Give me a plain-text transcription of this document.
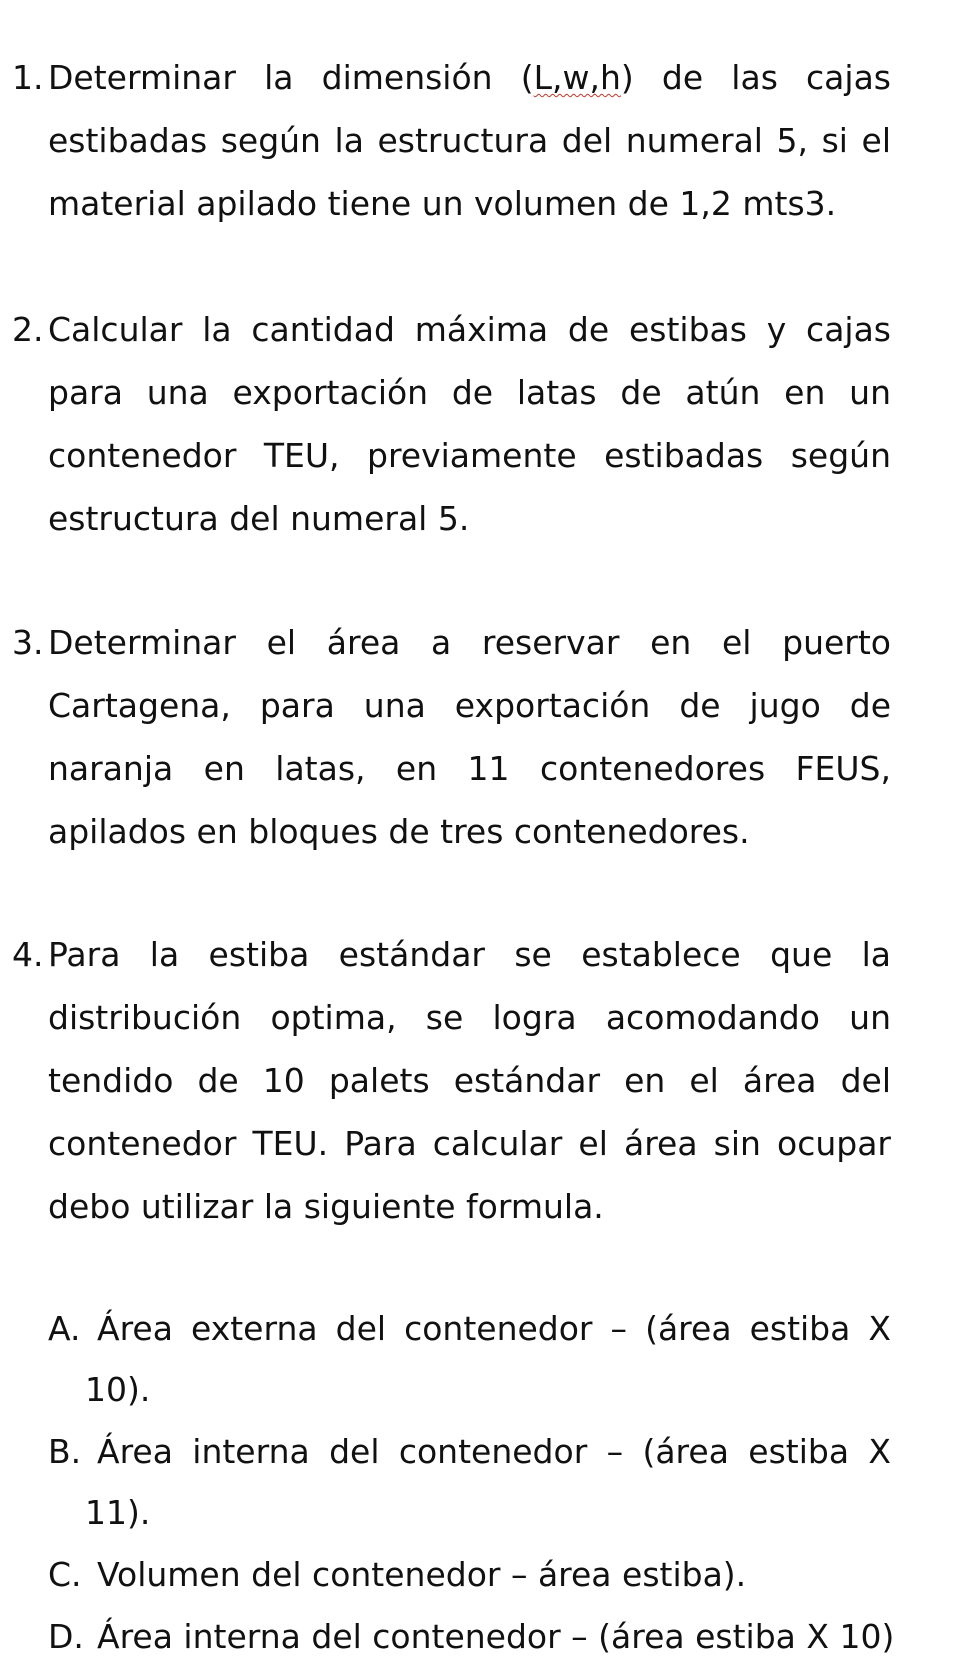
1. Determinar la dimensión (L,w,h) de las cajas

estibadas según la estructura del numeral 5, si el

material apilado tiene un volumen de 1,2 mts3.

2. Calcular la cantidad máxima de estibas y cajas

para una exportación de latas de atún en un

contenedor TEU, previamente estibadas según

estructura del numeral 5.

3. Determinar el área a reservar en el puerto

Cartagena, para una exportación de jugo de

naranja en latas, en 11 contenedores FEUS,

apilados en bloques de tres contenedores.

4. Para la estiba estándar se establece que la

distribución optima, se logra acomodando un

tendido de 10 palets estándar en el área del

contenedor TEU. Para calcular el área sin ocupar

debo utilizar la siguiente formula.

A. Área externa del contenedor – (área estiba X

10).

B. Área interna del contenedor – (área estiba X

11).

C. Volumen del contenedor – área estiba).

D. Área interna del contenedor – (área estiba X 10)
